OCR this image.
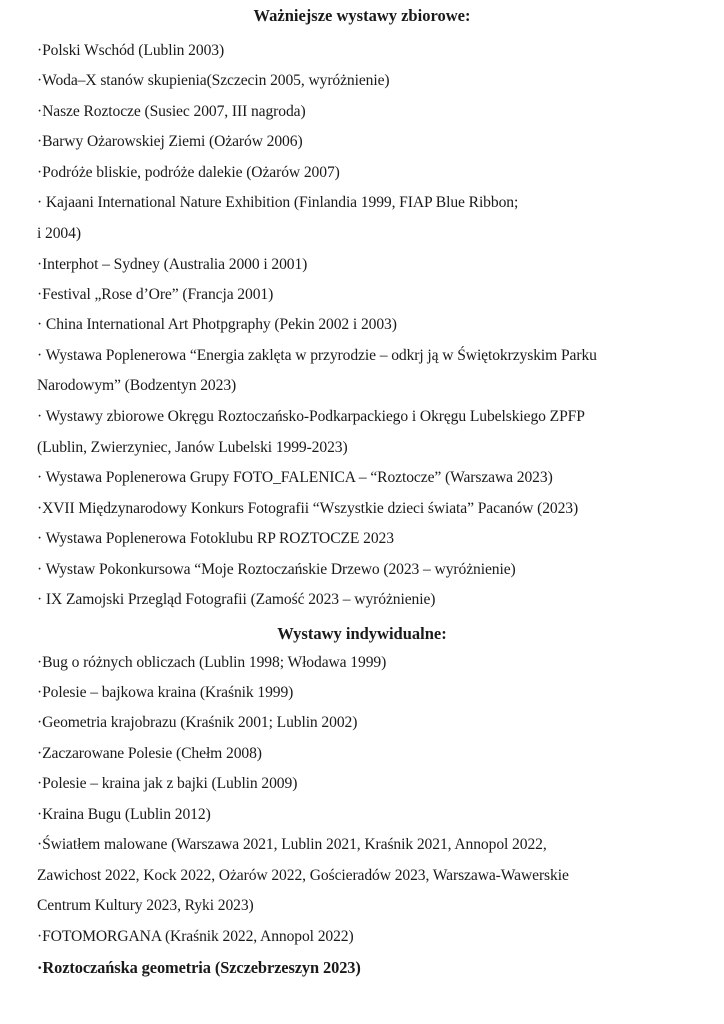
Ważniejsze wystawy zbiorowe:
·Polski Wschód (Lublin 2003)
·Woda–X stanów skupienia(Szczecin 2005, wyróżnienie)
·Nasze Roztocze (Susiec 2007, III nagroda)
·Barwy Ożarowskiej Ziemi (Ożarów 2006)
·Podróże bliskie, podróże dalekie (Ożarów 2007)
· Kajaani International Nature Exhibition (Finlandia 1999, FIAP Blue Ribbon;
i 2004)
·Interphot – Sydney (Australia 2000 i 2001)
·Festival „Rose d’Ore” (Francja 2001)
· China International Art Photpgraphy (Pekin 2002 i 2003)
· Wystawa Poplenerowa “Energia zaklęta w przyrodzie – odkrj ją w Świętokrzyskim Parku
Narodowym” (Bodzentyn 2023)
· Wystawy zbiorowe Okręgu Roztoczańsko-Podkarpackiego i Okręgu Lubelskiego ZPFP
(Lublin, Zwierzyniec, Janów Lubelski 1999-2023)
· Wystawa Poplenerowa Grupy FOTO_FALENICA – “Roztocze” (Warszawa 2023)
·XVII Międzynarodowy Konkurs Fotografii “Wszystkie dzieci świata” Pacanów (2023)
· Wystawa Poplenerowa Fotoklubu RP ROZTOCZE 2023
· Wystaw Pokonkursowa “Moje Roztoczańskie Drzewo (2023 – wyróżnienie)
· IX Zamojski Przegląd Fotografii (Zamość 2023 – wyróżnienie)
Wystawy indywidualne:
·Bug o różnych obliczach (Lublin 1998; Włodawa 1999)
·Polesie – bajkowa kraina (Kraśnik 1999)
·Geometria krajobrazu (Kraśnik 2001; Lublin 2002)
·Zaczarowane Polesie (Chełm 2008)
·Polesie – kraina jak z bajki (Lublin 2009)
·Kraina Bugu (Lublin 2012)
·Światłem malowane (Warszawa 2021, Lublin 2021, Kraśnik 2021, Annopol 2022,
Zawichost 2022, Kock 2022, Ożarów 2022, Gościeradów 2023, Warszawa-Wawerskie
Centrum Kultury 2023, Ryki 2023)
·FOTOMORGANA (Kraśnik 2022, Annopol 2022)
·Roztoczańska geometria (Szczebrzeszyn 2023)
